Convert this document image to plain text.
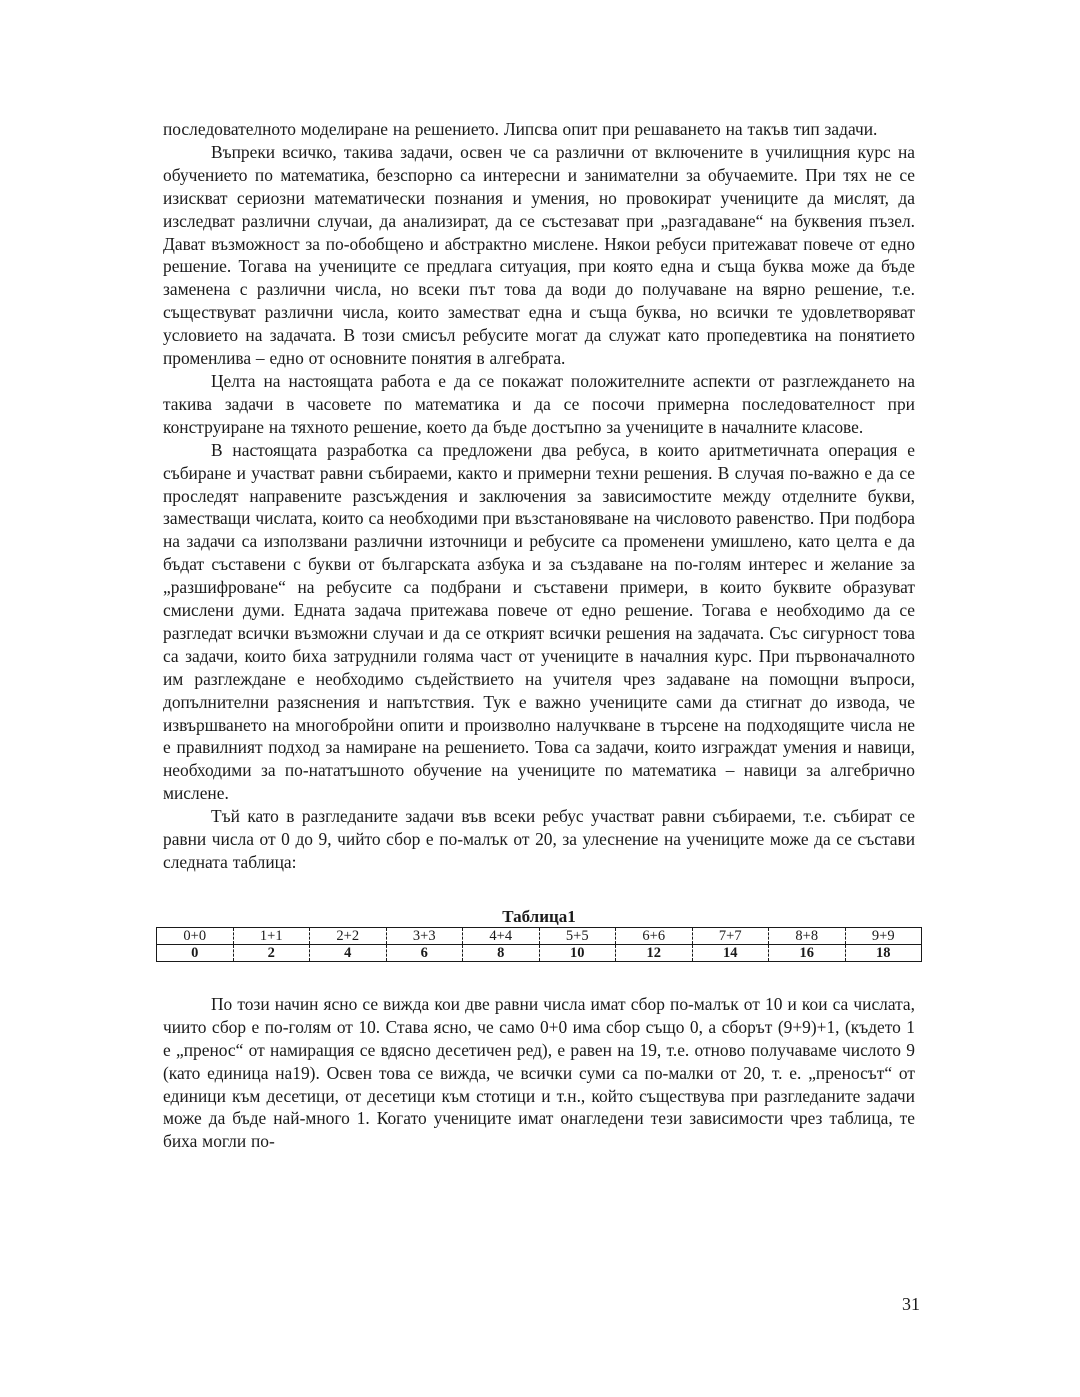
последователното моделиране на решението. Липсва опит при решаването на такъв тип задачи.

Въпреки всичко, такива задачи, освен че са различни от включените в училищния курс на обучението по математика, безспорно са интересни и занимателни за обучаемите. При тях не се изискват сериозни математически познания и умения, но провокират учениците да мислят, да изследват различни случаи, да анализират, да се състезават при „разгадаване“ на буквения пъзел. Дават възможност за по-обобщено и абстрактно мислене. Някои ребуси притежават повече от едно решение. Тогава на учениците се предлага ситуация, при която една и съща буква може да бъде заменена с различни числа, но всеки път това да води до получаване на вярно решение, т.е. съществуват различни числа, които заместват една и съща буква, но всички те удовлетворяват условието на задачата. В този смисъл ребусите могат да служат като пропедевтика на понятието променлива – едно от основните понятия в алгебрата.

Целта на настоящата работа е да се покажат положителните аспекти от разглеждането на такива задачи в часовете по математика и да се посочи примерна последователност при конструиране на тяхното решение, което да бъде достъпно за учениците в началните класове.

В настоящата разработка са предложени два ребуса, в които аритметичната операция е събиране и участват равни събираеми, както и примерни техни решения. В случая по-важно е да се проследят направените разсъждения и заключения за зависимостите между отделните букви, заместващи числата, които са необходими при възстановяване на числовото равенство. При подбора на задачи са използвани различни източници и ребусите са променени умишлено, като целта е да бъдат съставени с букви от българската азбука и за създаване на по-голям интерес и желание за „разшифроване“ на ребусите са подбрани и съставени примери, в които буквите образуват смислени думи. Едната задача притежава повече от едно решение. Тогава е необходимо да се разгледат всички възможни случаи и да се открият всички решения на задачата. Със сигурност това са задачи, които биха затруднили голяма част от учениците в началния курс. При първоначалното им разглеждане е необходимо съдействието на учителя чрез задаване на помощни въпроси, допълнителни разяснения и напътствия. Тук е важно учениците сами да стигнат до извода, че извършването на многобройни опити и произволно налучкване в търсене на подходящите числа не е правилният подход за намиране на решението. Това са задачи, които изграждат умения и навици, необходими за по-нататъшното обучение на учениците по математика – навици за алгебрично мислене.

Тъй като в разгледаните задачи във всеки ребус участват равни събираеми, т.е. събират се равни числа от 0 до 9, чийто сбор е по-малък от 20, за улеснение на учениците може да се състави следната таблица:

Таблица1

0+0	1+1	2+2	3+3	4+4	5+5	6+6	7+7	8+8	9+9
0	2	4	6	8	10	12	14	16	18

По този начин ясно се вижда кои две равни числа имат сбор по-малък от 10 и кои са числата, чиито сбор е по-голям от 10. Става ясно, че само 0+0 има сбор също 0, а сборът (9+9)+1, (където 1 е „пренос“ от намиращия се вдясно десетичен ред), е равен на 19, т.е. отново получаваме числото 9 (като единица на19). Освен това се вижда, че всички суми са по-малки от 20, т. е. „преносът“ от единици към десетици, от десетици към стотици и т.н., който съществува при разгледаните задачи може да бъде най-много 1. Когато учениците имат онагледени тези зависимости чрез таблица, те биха могли по-

31
